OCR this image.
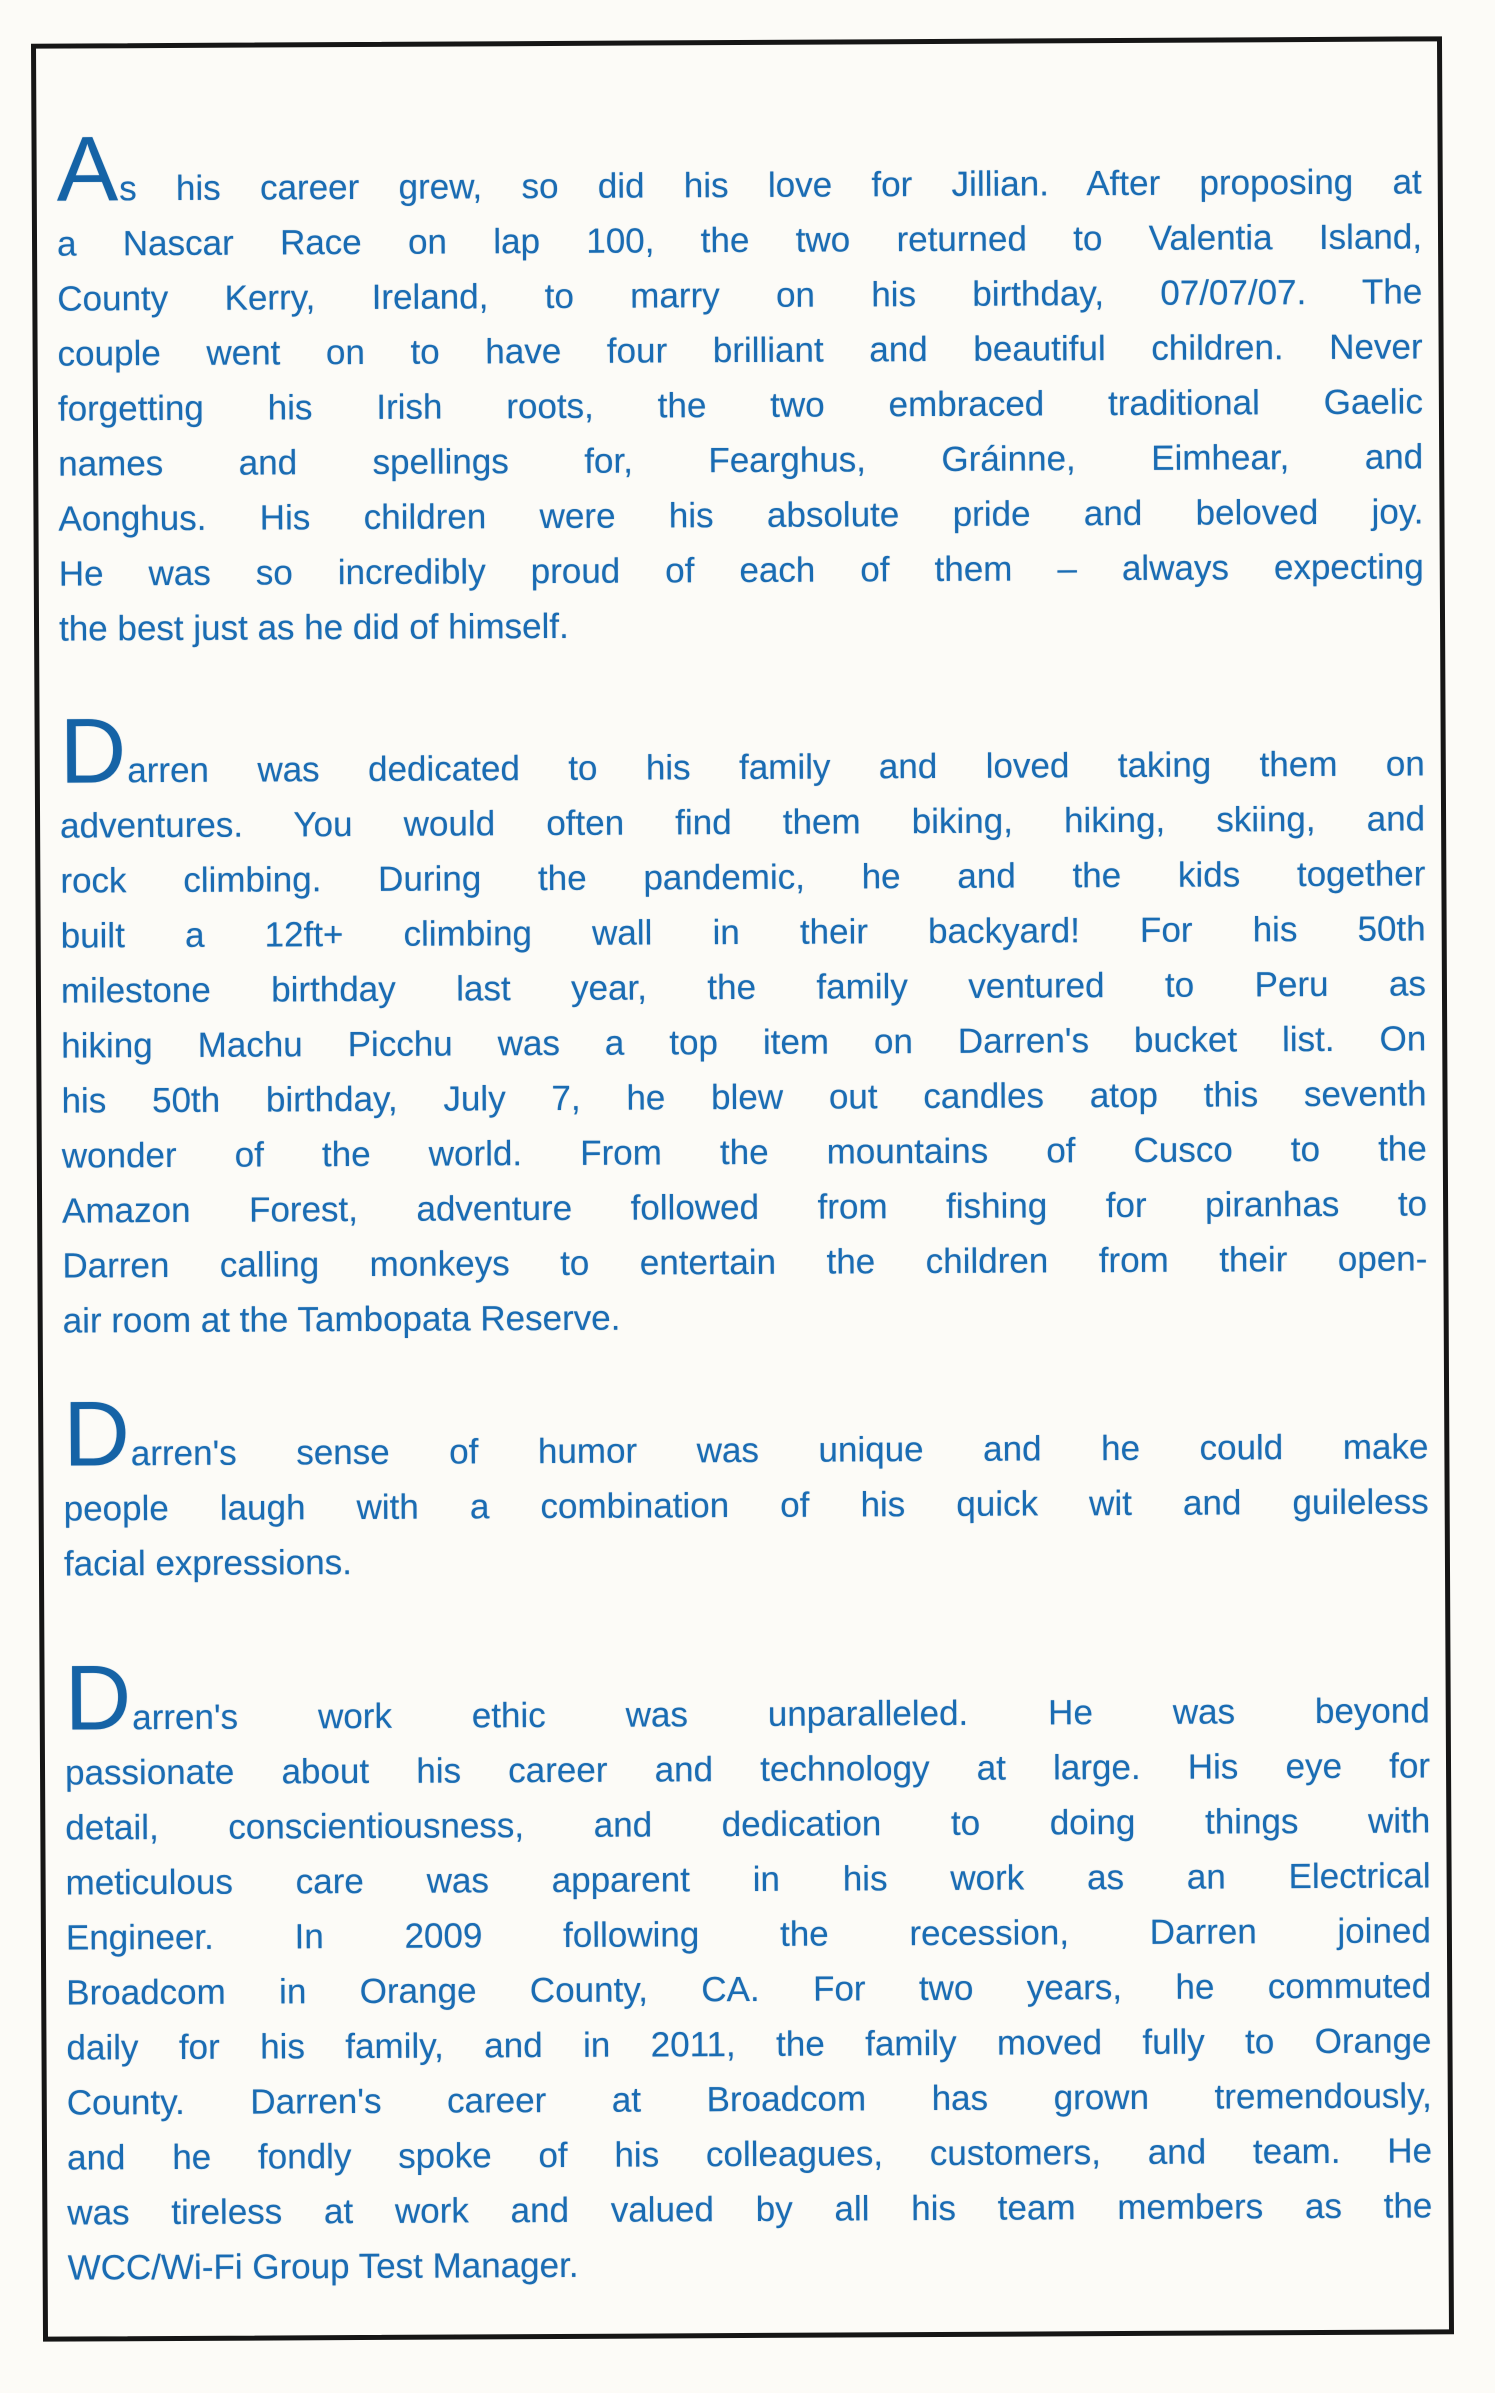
As his career grew, so did his love for Jillian. After proposing at
a Nascar Race on lap 100, the two returned to Valentia Island,
County Kerry, Ireland, to marry on his birthday, 07/07/07. The
couple went on to have four brilliant and beautiful children. Never
forgetting his Irish roots, the two embraced traditional Gaelic
names and spellings for, Fearghus, Gráinne, Eimhear, and
Aonghus. His children were his absolute pride and beloved joy.
He was so incredibly proud of each of them – always expecting
the best just as he did of himself.
Darren was dedicated to his family and loved taking them on
adventures. You would often find them biking, hiking, skiing, and
rock climbing. During the pandemic, he and the kids together
built a 12ft+ climbing wall in their backyard! For his 50th
milestone birthday last year, the family ventured to Peru as
hiking Machu Picchu was a top item on Darren's bucket list. On
his 50th birthday, July 7, he blew out candles atop this seventh
wonder of the world. From the mountains of Cusco to the
Amazon Forest, adventure followed from fishing for piranhas to
Darren calling monkeys to entertain the children from their open-
air room at the Tambopata Reserve.
Darren's sense of humor was unique and he could make
people laugh with a combination of his quick wit and guileless
facial expressions.
Darren's work ethic was unparalleled. He was beyond
passionate about his career and technology at large. His eye for
detail, conscientiousness, and dedication to doing things with
meticulous care was apparent in his work as an Electrical
Engineer. In 2009 following the recession, Darren joined
Broadcom in Orange County, CA. For two years, he commuted
daily for his family, and in 2011, the family moved fully to Orange
County. Darren's career at Broadcom has grown tremendously,
and he fondly spoke of his colleagues, customers, and team. He
was tireless at work and valued by all his team members as the
WCC/Wi-Fi Group Test Manager.
